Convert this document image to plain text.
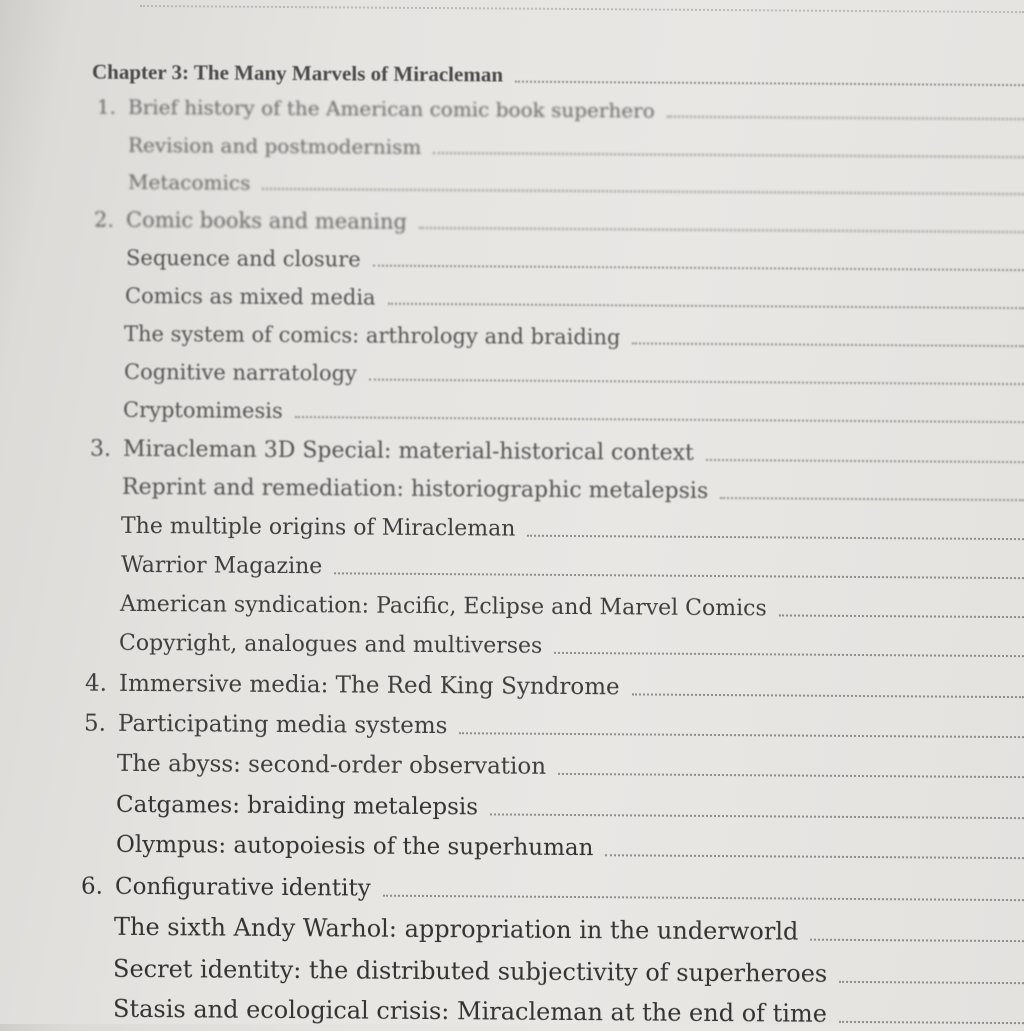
Chapter 3: The Many Marvels of Miracleman
1. Brief history of the American comic book superhero
Revision and postmodernism
Metacomics
2. Comic books and meaning
Sequence and closure
Comics as mixed media
The system of comics: arthrology and braiding
Cognitive narratology
Cryptomimesis
3. Miracleman 3D Special: material-historical context
Reprint and remediation: historiographic metalepsis
The multiple origins of Miracleman
Warrior Magazine
American syndication: Pacific, Eclipse and Marvel Comics
Copyright, analogues and multiverses
4. Immersive media: The Red King Syndrome
5. Participating media systems
The abyss: second-order observation
Catgames: braiding metalepsis
Olympus: autopoiesis of the superhuman
6. Configurative identity
The sixth Andy Warhol: appropriation in the underworld
Secret identity: the distributed subjectivity of superheroes
Stasis and ecological crisis: Miracleman at the end of time
